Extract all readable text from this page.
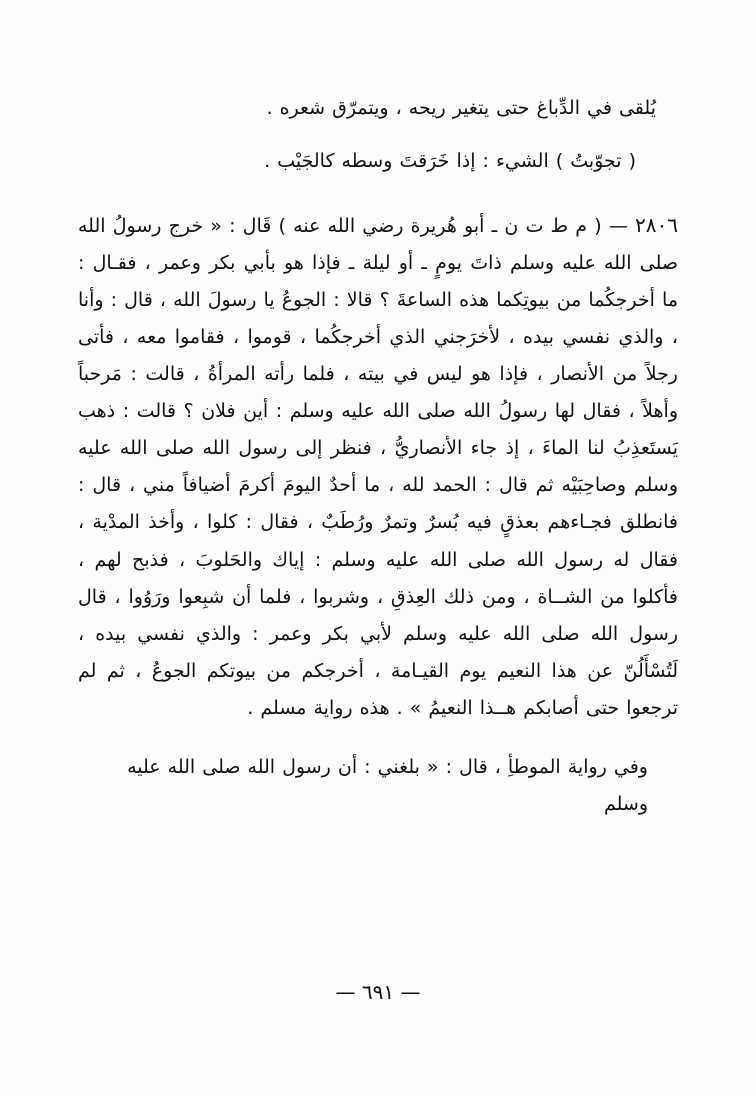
يُلقى في الدِّباغ حتى يتغير ريحه ، ويتمرّق شعره .

( تجوّبتُ ) الشيء : إذا خَرَقتَ وسطه كالجَيْب .

٢٨٠٦ — ( م ط ت ن ـ أبو هُريرة رضي الله عنه ) قَال : « خرج رسولُ الله صلى الله عليه وسلم ذاتَ يومٍ ـ أو ليلة ـ فإذا هو بأبي بكر وعمر ، فقـال : ما أخرجكُما من بيوتِكما هذه الساعةَ ؟ قالا : الجوعُ يا رسولَ الله ، قال : وأنا ، والذي نفسي بيده ، لأخرَجني الذي أخرجكُما ، قوموا ، فقاموا معه ، فأتى رجلاً من الأنصار ، فإذا هو ليس في بيته ، فلما رأته المرأةُ ، قالت : مَرحباً وأهلاً ، فقال لها رسولُ الله صلى الله عليه وسلم : أين فلان ؟ قالت : ذهب يَستَعذِبُ لنا الماءَ ، إذ جاء الأنصاريُّ ، فنظر إلى رسول الله صلى الله عليه وسلم وصاحِبَيْه ثم قال : الحمد لله ، ما أحدٌ اليومَ أكرمَ أضيافاً مني ، قال : فانطلق فجـاءهم بعذقٍ فيه بُسرٌ وتمرٌ ورُطَبٌ ، فقال : كلوا ، وأخذ المدْية ، فقال له رسول الله صلى الله عليه وسلم : إياك والحَلوبَ ، فذبح لهم ، فأكلوا من الشــاة ، ومن ذلك العِذقِ ، وشربوا ، فلما أن شبِعوا ورَوُوا ، قال رسول الله صلى الله عليه وسلم لأبي بكر وعمر : والذي نفسي بيده ، لَتُسْأَلُنّ عن هذا النعيم يوم القيـامة ، أخرجكم من بيوتكم الجوعُ ، ثم لم ترجعوا حتى أصابكم هــذا النعيمُ » . هذه رواية مسلم .

وفي رواية الموطأِ ، قال : « بلغني : أن رسول الله صلى الله عليه وسلم

— ٦٩١ —
